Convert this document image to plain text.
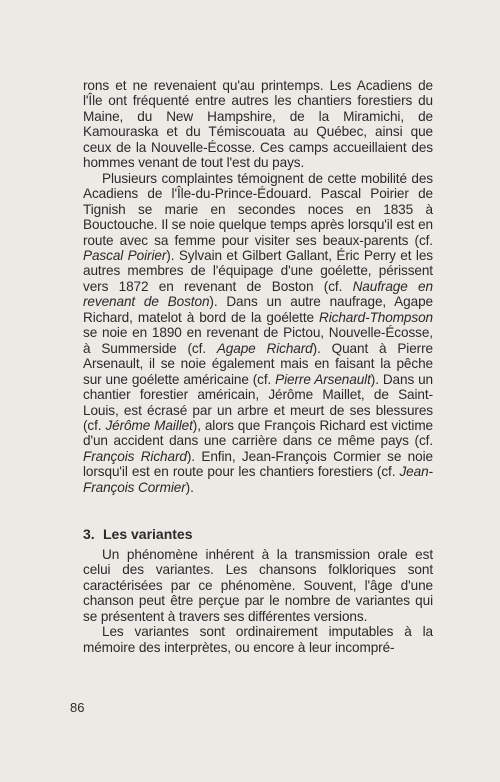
rons et ne revenaient qu'au printemps. Les Acadiens de l'Île ont fréquenté entre autres les chantiers forestiers du Maine, du New Hampshire, de la Miramichi, de Kamouraska et du Témiscouata au Québec, ainsi que ceux de la Nouvelle-Écosse. Ces camps accueillaient des hommes venant de tout l'est du pays.

Plusieurs complaintes témoignent de cette mobilité des Acadiens de l'Île-du-Prince-Édouard. Pascal Poirier de Tignish se marie en secondes noces en 1835 à Bouctouche. Il se noie quelque temps après lorsqu'il est en route avec sa femme pour visiter ses beaux-parents (cf. Pascal Poirier). Sylvain et Gilbert Gallant, Éric Perry et les autres membres de l'équipage d'une goélette, périssent vers 1872 en revenant de Boston (cf. Naufrage en revenant de Boston). Dans un autre naufrage, Agape Richard, matelot à bord de la goélette Richard-Thompson se noie en 1890 en revenant de Pictou, Nouvelle-Écosse, à Summerside (cf. Agape Richard). Quant à Pierre Arsenault, il se noie également mais en faisant la pêche sur une goélette américaine (cf. Pierre Arsenault). Dans un chantier forestier américain, Jérôme Maillet, de Saint-Louis, est écrasé par un arbre et meurt de ses blessures (cf. Jérôme Maillet), alors que François Richard est victime d'un accident dans une carrière dans ce même pays (cf. François Richard). Enfin, Jean-François Cormier se noie lorsqu'il est en route pour les chantiers forestiers (cf. Jean-François Cormier).

3. Les variantes

Un phénomène inhérent à la transmission orale est celui des variantes. Les chansons folkloriques sont caractérisées par ce phénomène. Souvent, l'âge d'une chanson peut être perçue par le nombre de variantes qui se présentent à travers ses différentes versions.

Les variantes sont ordinairement imputables à la mémoire des interprètes, ou encore à leur incompré-

86
